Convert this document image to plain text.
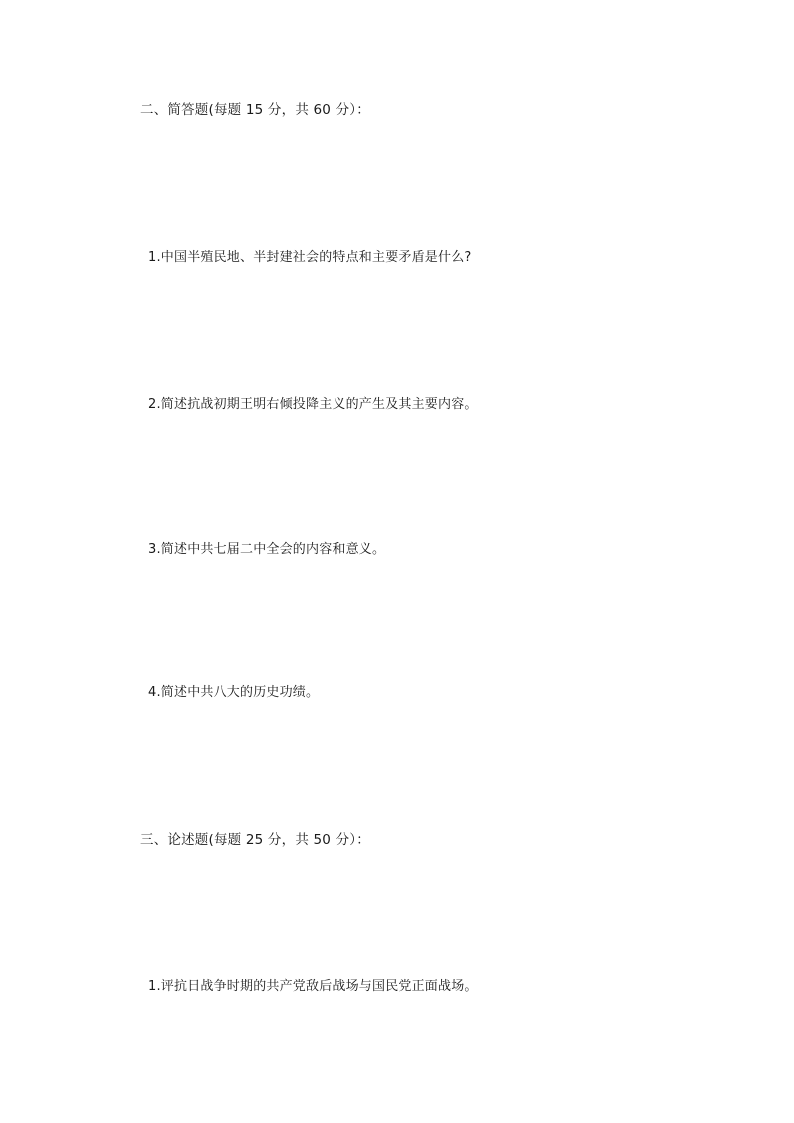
二、简答题(每题 15 分，共 60 分）：
1.中国半殖民地、半封建社会的特点和主要矛盾是什么?
2.简述抗战初期王明右倾投降主义的产生及其主要内容。
3.简述中共七届二中全会的内容和意义。
4.简述中共八大的历史功绩。
三、论述题(每题 25 分，共 50 分）：
1.评抗日战争时期的共产党敌后战场与国民党正面战场。
